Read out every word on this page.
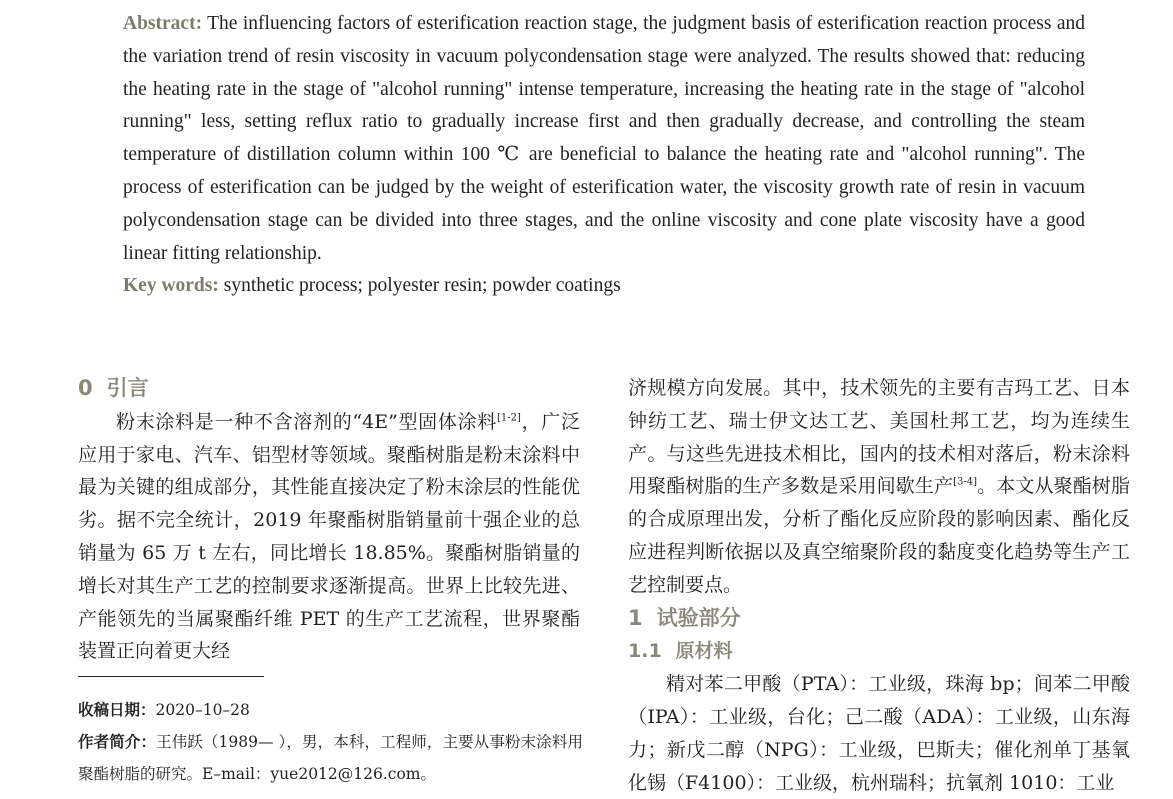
Abstract: The influencing factors of esterification reaction stage, the judgment basis of esterification reaction process and the variation trend of resin viscosity in vacuum polycondensation stage were analyzed. The results showed that: reducing the heating rate in the stage of "alcohol running" intense temperature, increasing the heating rate in the stage of "alcohol running" less, setting reflux ratio to gradually increase first and then gradually decrease, and controlling the steam temperature of distillation column within 100 ℃ are beneficial to balance the heating rate and "alcohol running". The process of esterification can be judged by the weight of esterification water, the viscosity growth rate of resin in vacuum polycondensation stage can be divided into three stages, and the online viscosity and cone plate viscosity have a good linear fitting relationship.

Key words: synthetic process; polyester resin; powder coatings

0 引言

粉末涂料是一种不含溶剂的“4E”型固体涂料[1-2]，广泛应用于家电、汽车、铝型材等领域。聚酯树脂是粉末涂料中最为关键的组成部分，其性能直接决定了粉末涂层的性能优劣。据不完全统计，2019 年聚酯树脂销量前十强企业的总销量为 65 万 t 左右，同比增长 18.85%。聚酯树脂销量的增长对其生产工艺的控制要求逐渐提高。世界上比较先进、产能领先的当属聚酯纤维 PET 的生产工艺流程，世界聚酯装置正向着更大经

收稿日期：2020–10–28

作者简介：王伟跃（1989— ），男，本科，工程师，主要从事粉末涂料用聚酯树脂的研究。E–mail：yue2012@126.com。

济规模方向发展。其中，技术领先的主要有吉玛工艺、日本钟纺工艺、瑞士伊文达工艺、美国杜邦工艺，均为连续生产。与这些先进技术相比，国内的技术相对落后，粉末涂料用聚酯树脂的生产多数是采用间歇生产[3-4]。本文从聚酯树脂的合成原理出发，分析了酯化反应阶段的影响因素、酯化反应进程判断依据以及真空缩聚阶段的黏度变化趋势等生产工艺控制要点。

1 试验部分

1.1 原材料

精对苯二甲酸（PTA）：工业级，珠海 bp；间苯二甲酸（IPA）：工业级，台化；己二酸（ADA）：工业级，山东海力；新戊二醇（NPG）：工业级，巴斯夫；催化剂单丁基氧化锡（F4100）：工业级，杭州瑞科；抗氧剂 1010：工业
